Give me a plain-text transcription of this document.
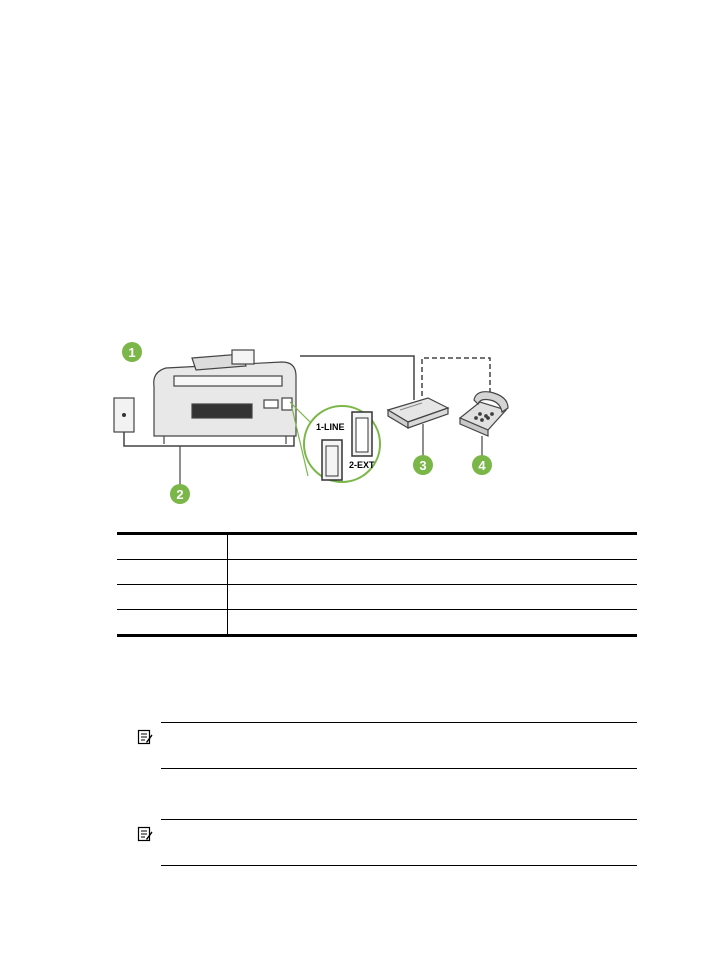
1-LINE
2-EXT
1
2
3	4
